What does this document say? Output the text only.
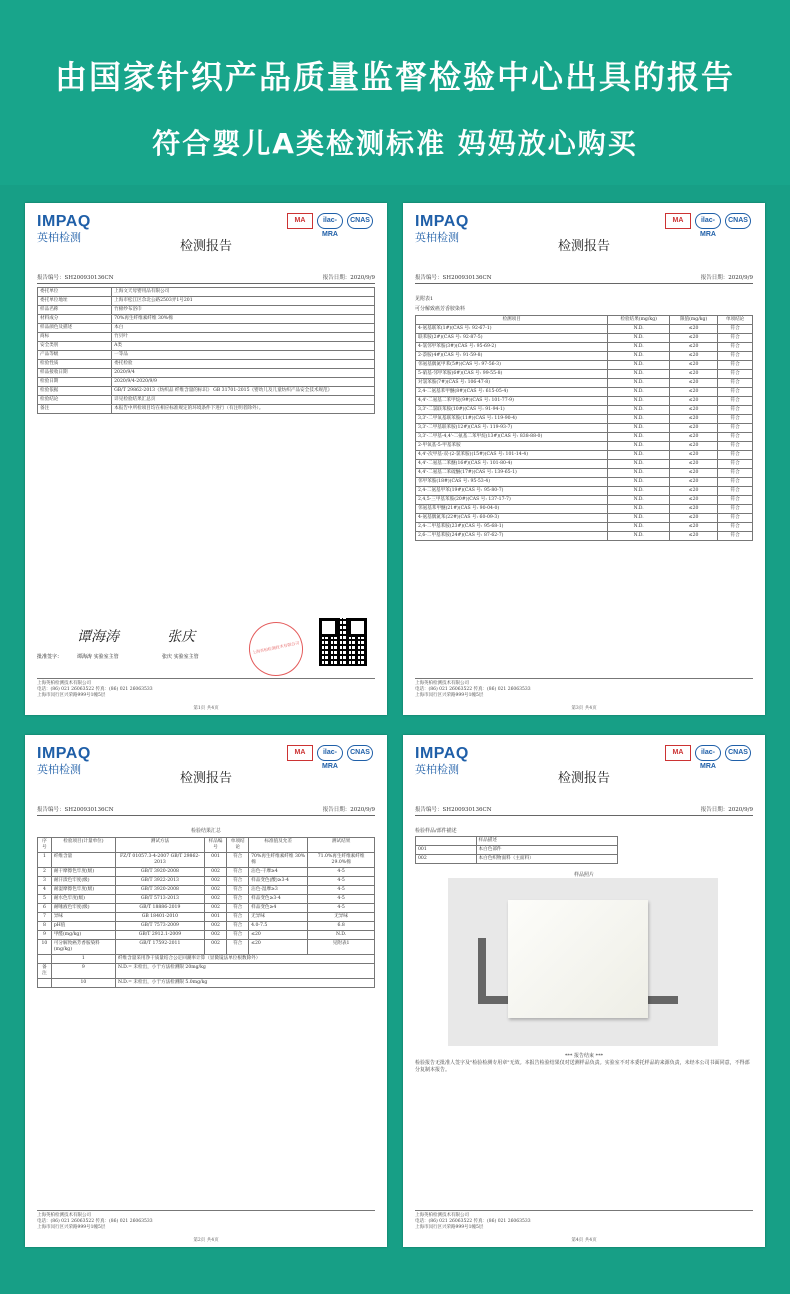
由国家针织产品质量监督检验中心出具的报告
符合婴儿A类检测标准 妈妈放心购买
IMPAQ
英柏检测
MA	ilac-MRA
CNAS
检测报告
报告编号：SH200930136CN	报告日期：2020/9/9
委托单位	上海文天母婴用品有限公司
委托单位地址	上海市松江区佘北公路2503弄1号201
样品名称	竹棉纱布浴巾
材料成分	70%再生纤维素纤维 30%棉
样品颜色及描述	本白
商标	竹贝叶
安全类别	A类
产品等级	一等品
检验性质	委托检验
样品接收日期	2020/9/4
检验日期	2020/9/4-2020/9/9
检验依据	GB/T 29862-2013《纺织品 纤维含量的标识》 GB 31701-2015《婴幼儿及儿童纺织产品安全技术规范》
检验结论	详见检验结果汇总页
备注	本报告中所检项目均在相应标准规定的环境条件下进行（有注明者除外）。
批准签字：
谭海涛
谭海涛 实验室主管
张庆
张庆 实验室主管
上海英柏检测技术有限公司
上海英柏检测技术有限公司
电话：(86) 021 26063522 传真：(86) 021 26063533
上海市闵行区兴荣路999号1幢5层
第1页 共4页
IMPAQ
英柏检测
MA	ilac-MRA
CNAS
检测报告
报告编号：SH200930136CN	报告日期：2020/9/9
见附表1
可分解致癌芳香胺染料
检测项目	检验结果(mg/kg)	限值(mg/kg)	单项结论
4-氨基联苯(1#)(CAS 号: 92-67-1)	N.D.	≤20	符合
联苯胺(2#)(CAS 号: 92-87-5)	N.D.	≤20	符合
4-氯邻甲苯胺(3#)(CAS 号: 95-69-2)	N.D.	≤20	符合
2-萘胺(4#)(CAS 号: 91-59-8)	N.D.	≤20	符合
邻氨基偶氮甲苯(5#)(CAS 号: 97-56-3)	N.D.	≤20	符合
5-硝基-邻甲苯胺(6#)(CAS 号: 99-55-8)	N.D.	≤20	符合
对氯苯胺(7#)(CAS 号: 106-47-8)	N.D.	≤20	符合
2,4-二氨基苯甲醚(8#)(CAS 号: 615-05-4)	N.D.	≤20	符合
4,4'-二氨基二苯甲烷(9#)(CAS 号: 101-77-9)	N.D.	≤20	符合
3,3'-二氯联苯胺(10#)(CAS 号: 91-94-1)	N.D.	≤20	符合
3,3'-二甲氧基联苯胺(11#)(CAS 号: 119-90-4)	N.D.	≤20	符合
3,3'-二甲基联苯胺(12#)(CAS 号: 119-93-7)	N.D.	≤20	符合
3,3'-二甲基-4,4'-二氨基二苯甲烷(13#)(CAS 号: 838-88-0)	N.D.	≤20	符合
2-甲氧基-5-甲基苯胺	N.D.	≤20	符合
4,4'-次甲基-双-(2-氯苯胺)(15#)(CAS 号: 101-14-4)	N.D.	≤20	符合
4,4'-二氨基二苯醚(16#)(CAS 号: 101-80-4)	N.D.	≤20	符合
4,4'-二氨基二苯硫醚(17#)(CAS 号: 139-65-1)	N.D.	≤20	符合
邻甲苯胺(18#)(CAS 号: 95-53-4)	N.D.	≤20	符合
2,4-二氨基甲苯(19#)(CAS 号: 95-80-7)	N.D.	≤20	符合
2,4,5-三甲基苯胺(20#)(CAS 号: 137-17-7)	N.D.	≤20	符合
邻氨基苯甲醚(21#)(CAS 号: 90-04-0)	N.D.	≤20	符合
4-氨基偶氮苯(22#)(CAS 号: 60-09-3)	N.D.	≤20	符合
2,4-二甲基苯胺(23#)(CAS 号: 95-68-1)	N.D.	≤20	符合
2,6-二甲基苯胺(24#)(CAS 号: 87-62-7)	N.D.	≤20	符合
上海英柏检测技术有限公司
电话：(86) 021 26063522 传真：(86) 021 26063533
上海市闵行区兴荣路999号1幢5层
第3页 共4页
IMPAQ
英柏检测
MA	ilac-MRA
CNAS
检测报告
报告编号：SH200930136CN	报告日期：2020/9/9
检验结果汇总
序号	检验项目(计量单位)	测试方法	样品编号	单项结论	标准值及允差	测试结果
1	纤维含量	FZ/T 01057.3-4-2007 GB/T 29862-2013	001	符合	70%再生纤维素纤维 30%棉	71.0%再生纤维素纤维 29.0%棉
2	耐干摩擦色牢度(级)	GB/T 3920-2008	002	符合	沾色-干摩≥4	4-5
3	耐汗渍色牢度(级)	GB/T 3922-2013	002	符合	样品变色(酸)≥3-4	4-5
4	耐湿摩擦色牢度(级)	GB/T 3920-2008	002	符合	沾色-湿摩≥3	4-5
5	耐水色牢度(级)	GB/T 5713-2013	002	符合	样品变色≥3-4	4-5
6	耐唾液色牢度(级)	GB/T 18886-2019	002	符合	样品变色≥4	4-5
7	异味	GB 18401-2010	001	符合	无异味	无异味
8	pH值	GB/T 7573-2009	002	符合	4.0-7.5	6.8
9	甲醛(mg/kg)	GB/T 2912.1-2009	002	符合	≤20	N.D.
10	可分解致癌芳香胺染料(mg/kg)	GB/T 17592-2011	002	符合	≤20	见附表1
	1	纤维含量采用净干质量结合公定回潮率计算（显微镜法单位根数除外）				
备注	9	N.D.= 未检出，小于方法检测限 20mg/kg				
	10	N.D.= 未检出，小于方法检测限 5.0mg/kg				
上海英柏检测技术有限公司
电话：(86) 021 26063522 传真：(86) 021 26063533
上海市闵行区兴荣路999号1幢5层
第2页 共4页
IMPAQ
英柏检测
MA	ilac-MRA
CNAS
检测报告
报告编号：SH200930136CN	报告日期：2020/9/9
检验样品/部件描述
	样品描述
001	本白色部件
002	本白色织物面料（主面料）
样品照片
*** 报告结束 ***
检验报告无批准人签字及"检验检测专用章"无效。本报告检验结果仅对送测样品负责。实验室不对本委托样品的来源负责，未经本公司书面同意，不得部分复制本报告。
上海英柏检测技术有限公司
电话：(86) 021 26063522 传真：(86) 021 26063533
上海市闵行区兴荣路999号1幢5层
第4页 共4页
